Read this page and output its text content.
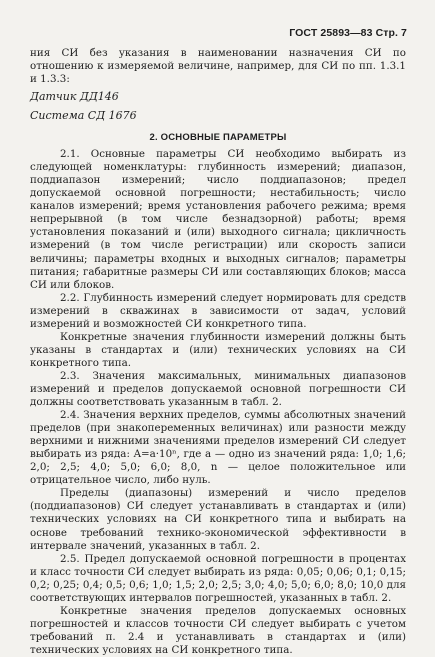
ГОСТ 25893—83 Стр. 7

ния СИ без указания в наименовании назначения СИ по отношению к измеряемой величине, например, для СИ по пп. 1.3.1 и 1.3.3:

Датчик ДД146

Система СД 1676

2. ОСНОВНЫЕ ПАРАМЕТРЫ

2.1. Основные параметры СИ необходимо выбирать из следующей номенклатуры: глубинность измерений; диапазон, поддиапазон измерений; число поддиапазонов; предел допускаемой основной погрешности; нестабильность; число каналов измерений; время установления рабочего режима; время непрерывной (в том числе безнадзорной) работы; время установления показаний и (или) выходного сигнала; цикличность измерений (в том числе регистрации) или скорость записи величины; параметры входных и выходных сигналов; параметры питания; габаритные размеры СИ или составляющих блоков; масса СИ или блоков.

2.2. Глубинность измерений следует нормировать для средств измерений в скважинах в зависимости от задач, условий измерений и возможностей СИ конкретного типа.

Конкретные значения глубинности измерений должны быть указаны в стандартах и (или) технических условиях на СИ конкретного типа.

2.3. Значения максимальных, минимальных диапазонов измерений и пределов допускаемой основной погрешности СИ должны соответствовать указанным в табл. 2.

2.4. Значения верхних пределов, суммы абсолютных значений пределов (при знакопеременных величинах) или разности между верхними и нижними значениями пределов измерений СИ следует выбирать из ряда: A=a·10ⁿ, где a — одно из значений ряда: 1,0; 1,6; 2,0; 2,5; 4,0; 5,0; 6,0; 8,0, n — целое положительное или отрицательное число, либо нуль.

Пределы (диапазоны) измерений и число пределов (поддиапазонов) СИ следует устанавливать в стандартах и (или) технических условиях на СИ конкретного типа и выбирать на основе требований технико-экономической эффективности в интервале значений, указанных в табл. 2.

2.5. Предел допускаемой основной погрешности в процентах и класс точности СИ следует выбирать из ряда: 0,05; 0,06; 0,1; 0,15; 0,2; 0,25; 0,4; 0,5; 0,6; 1,0; 1,5; 2,0; 2,5; 3,0; 4,0; 5,0; 6,0; 8,0; 10,0 для соответствующих интервалов погрешностей, указанных в табл. 2.

Конкретные значения пределов допускаемых основных погрешностей и классов точности СИ следует выбирать с учетом требований п. 2.4 и устанавливать в стандартах и (или) технических условиях на СИ конкретного типа.
